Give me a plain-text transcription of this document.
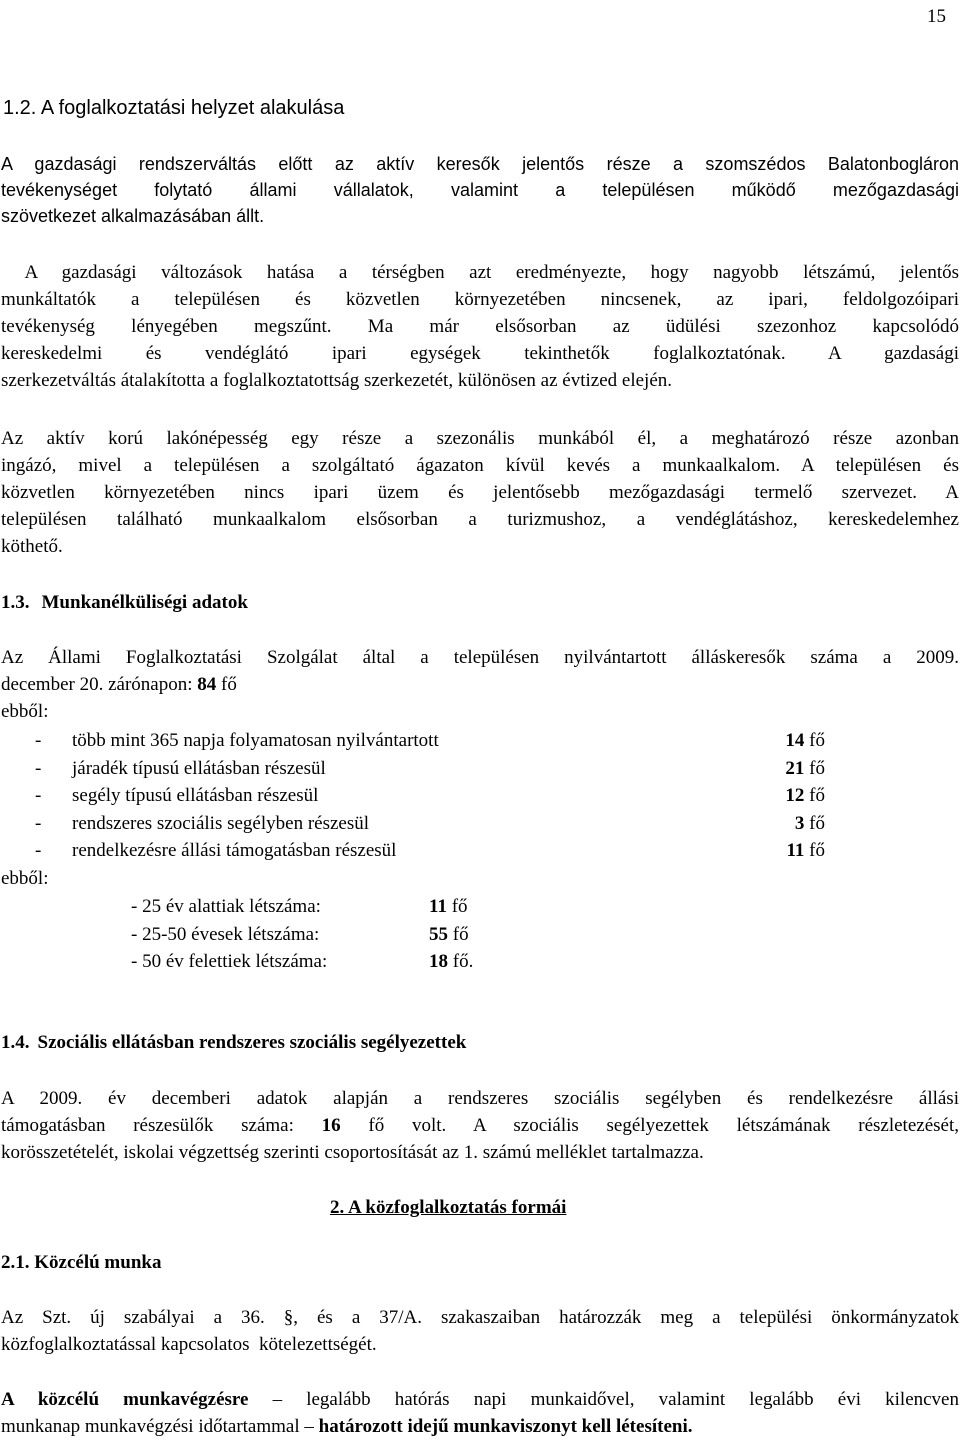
15
1.2. A foglalkoztatási helyzet alakulása
A gazdasági rendszerváltás előtt az aktív keresők jelentős része a szomszédos Balatonbogláron
tevékenységet folytató állami vállalatok, valamint a településen működő mezőgazdasági
szövetkezet alkalmazásában állt.
A gazdasági változások hatása a térségben azt eredményezte, hogy nagyobb létszámú, jelentős
munkáltatók a településen és közvetlen környezetében nincsenek, az ipari, feldolgozóipari
tevékenység lényegében megszűnt. Ma már elsősorban az üdülési szezonhoz kapcsolódó
kereskedelmi és vendéglátó ipari egységek tekinthetők foglalkoztatónak. A gazdasági
szerkezetváltás átalakította a foglalkoztatottság szerkezetét, különösen az évtized elején.
Az aktív korú lakónépesség egy része a szezonális munkából él, a meghatározó része azonban
ingázó, mivel a településen a szolgáltató ágazaton kívül kevés a munkaalkalom. A településen és
közvetlen környezetében nincs ipari üzem és jelentősebb mezőgazdasági termelő szervezet. A
településen található munkaalkalom elsősorban a turizmushoz, a vendéglátáshoz, kereskedelemhez
köthető.
1.3. Munkanélküliségi adatok
Az Állami Foglalkoztatási Szolgálat által a településen nyilvántartott álláskeresők száma a 2009.
december 20. zárónapon: 84 fő
ebből:
- több mint 365 napja folyamatosan nyilvántartott	14 fő
- járadék típusú ellátásban részesül	21 fő
- segély típusú ellátásban részesül	12 fő
- rendszeres szociális segélyben részesül	3 fő
- rendelkezésre állási támogatásban részesül	11 fő
ebből:
- 25 év alattiak létszáma:	11 fő
- 25-50 évesek létszáma:	55 fő
- 50 év felettiek létszáma:	18 fő.
1.4. Szociális ellátásban rendszeres szociális segélyezettek
A 2009. év decemberi adatok alapján a rendszeres szociális segélyben és rendelkezésre állási
támogatásban részesülők száma: 16 fő volt. A szociális segélyezettek létszámának részletezését,
korösszetételét, iskolai végzettség szerinti csoportosítását az 1. számú melléklet tartalmazza.
2. A közfoglalkoztatás formái
2.1. Közcélú munka
Az Szt. új szabályai a 36. §, és a 37/A. szakaszaiban határozzák meg a települési önkormányzatok
közfoglalkoztatással kapcsolatos  kötelezettségét.
A közcélú munkavégzésre – legalább hatórás napi munkaidővel, valamint legalább évi kilencven
munkanap munkavégzési időtartammal – határozott idejű munkaviszonyt kell létesíteni.
